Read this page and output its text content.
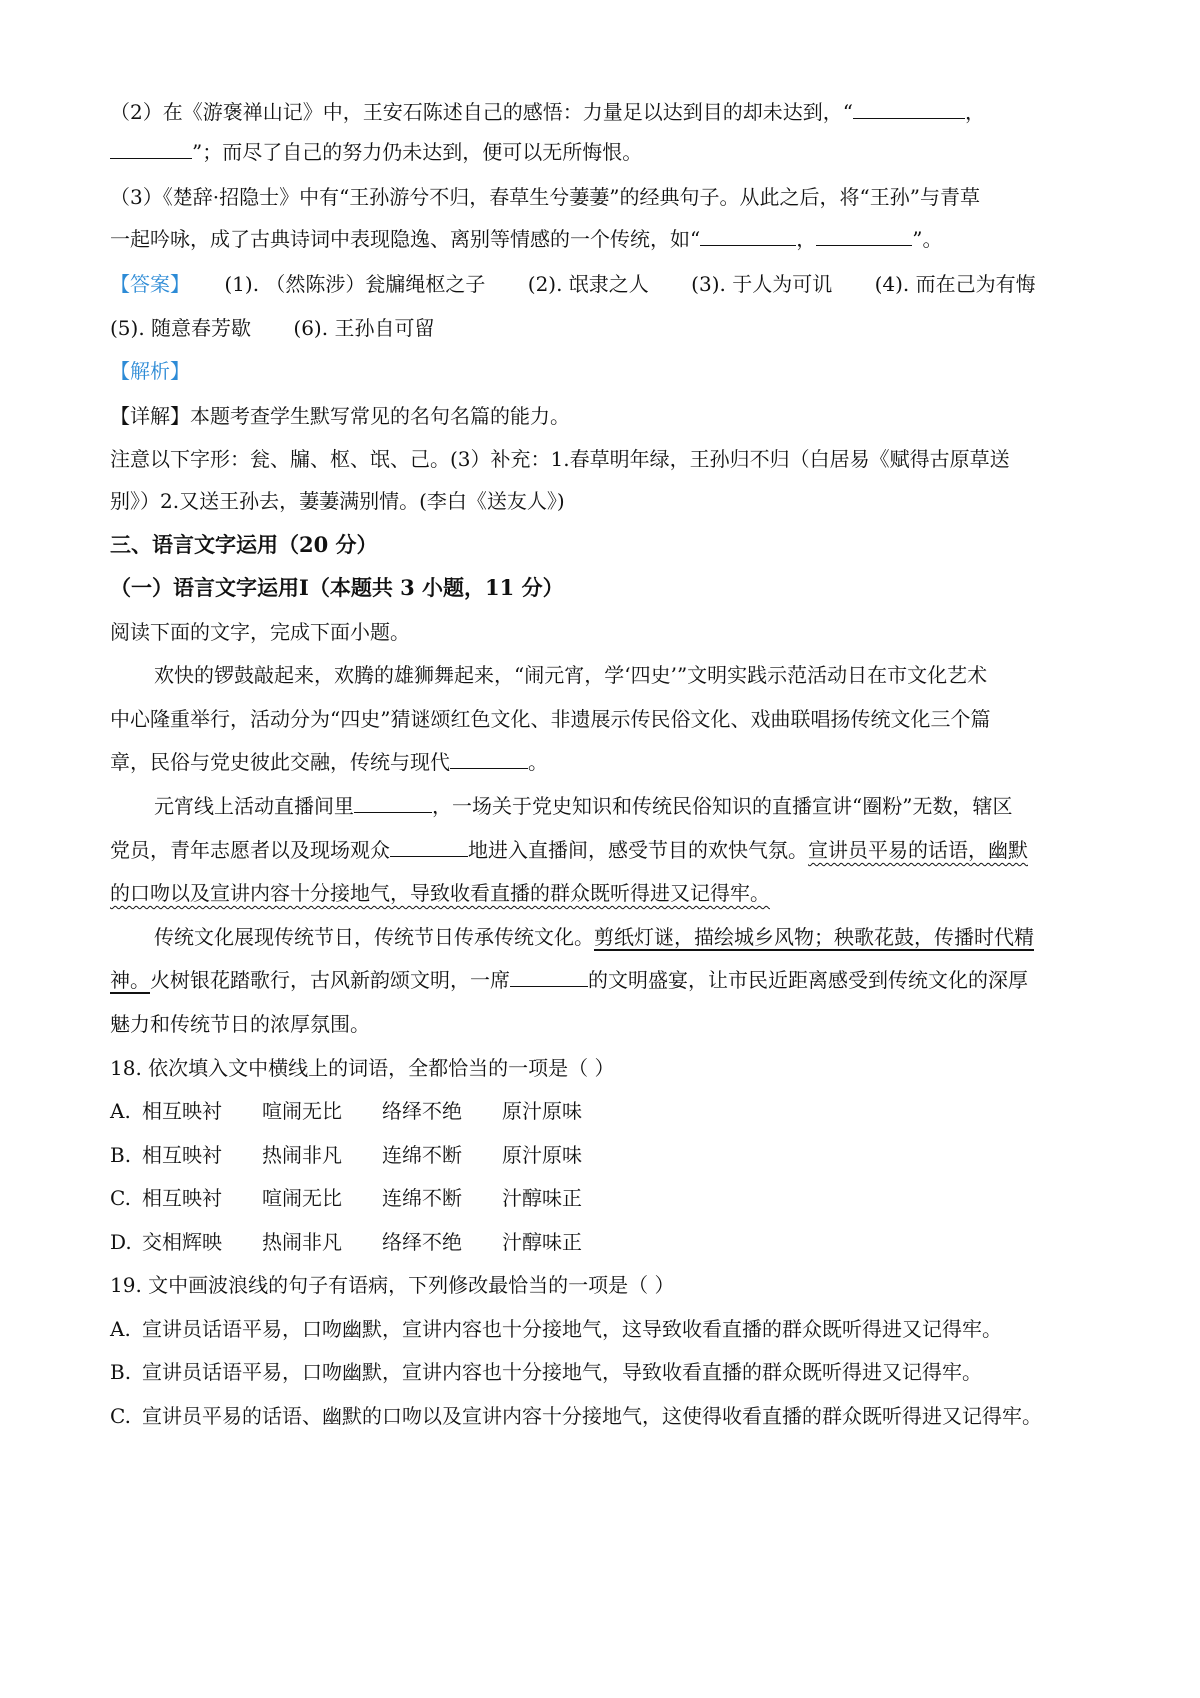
（2）在《游褒禅山记》中，王安石陈述自己的感悟：力量足以达到目的却未达到，“	，
”；而尽了自己的努力仍未达到，便可以无所悔恨。
（3）《楚辞·招隐士》中有“王孙游兮不归，春草生兮萋萋”的经典句子。从此之后，将“王孙”与青草
一起吟咏，成了古典诗词中表现隐逸、离别等情感的一个传统，如“	，	”。
【答案】 (1). （然陈涉）瓮牖绳枢之子 (2). 氓隶之人 (3). 于人为可讥 (4). 而在己为有悔
(5). 随意春芳歇 (6). 王孙自可留
【解析】
【详解】本题考查学生默写常见的名句名篇的能力。
注意以下字形：瓮、牖、枢、氓、己。(3）补充：1.春草明年绿，王孙归不归（白居易《赋得古原草送
别》）2.又送王孙去，萋萋满别情。(李白《送友人》)
三、语言文字运用（20 分）
（一）语言文字运用Ⅰ（本题共 3 小题，11 分）
阅读下面的文字，完成下面小题。
欢快的锣鼓敲起来，欢腾的雄狮舞起来，“闹元宵，学‘四史’”文明实践示范活动日在市文化艺术
中心隆重举行，活动分为“四史”猜谜颂红色文化、非遗展示传民俗文化、戏曲联唱扬传统文化三个篇
章，民俗与党史彼此交融，传统与现代	。
元宵线上活动直播间里	，一场关于党史知识和传统民俗知识的直播宣讲“圈粉”无数，辖区
党员，青年志愿者以及现场观众	地进入直播间，感受节目的欢快气氛。宣讲员平易的话语，幽默
的口吻以及宣讲内容十分接地气，导致收看直播的群众既听得进又记得牢。
传统文化展现传统节日，传统节日传承传统文化。剪纸灯谜，描绘城乡风物；秧歌花鼓，传播时代精
神。火树银花踏歌行，古风新韵颂文明，一席	的文明盛宴，让市民近距离感受到传统文化的深厚
魅力和传统节日的浓厚氛围。
18. 依次填入文中横线上的词语，全都恰当的一项是（ ）
A. 相互映衬 喧闹无比 络绎不绝 原汁原味
B. 相互映衬 热闹非凡 连绵不断 原汁原味
C. 相互映衬 喧闹无比 连绵不断 汁醇味正
D. 交相辉映 热闹非凡 络绎不绝 汁醇味正
19. 文中画波浪线的句子有语病，下列修改最恰当的一项是（ ）
A. 宣讲员话语平易，口吻幽默，宣讲内容也十分接地气，这导致收看直播的群众既听得进又记得牢。
B. 宣讲员话语平易，口吻幽默，宣讲内容也十分接地气，导致收看直播的群众既听得进又记得牢。
C. 宣讲员平易的话语、幽默的口吻以及宣讲内容十分接地气，这使得收看直播的群众既听得进又记得牢。
